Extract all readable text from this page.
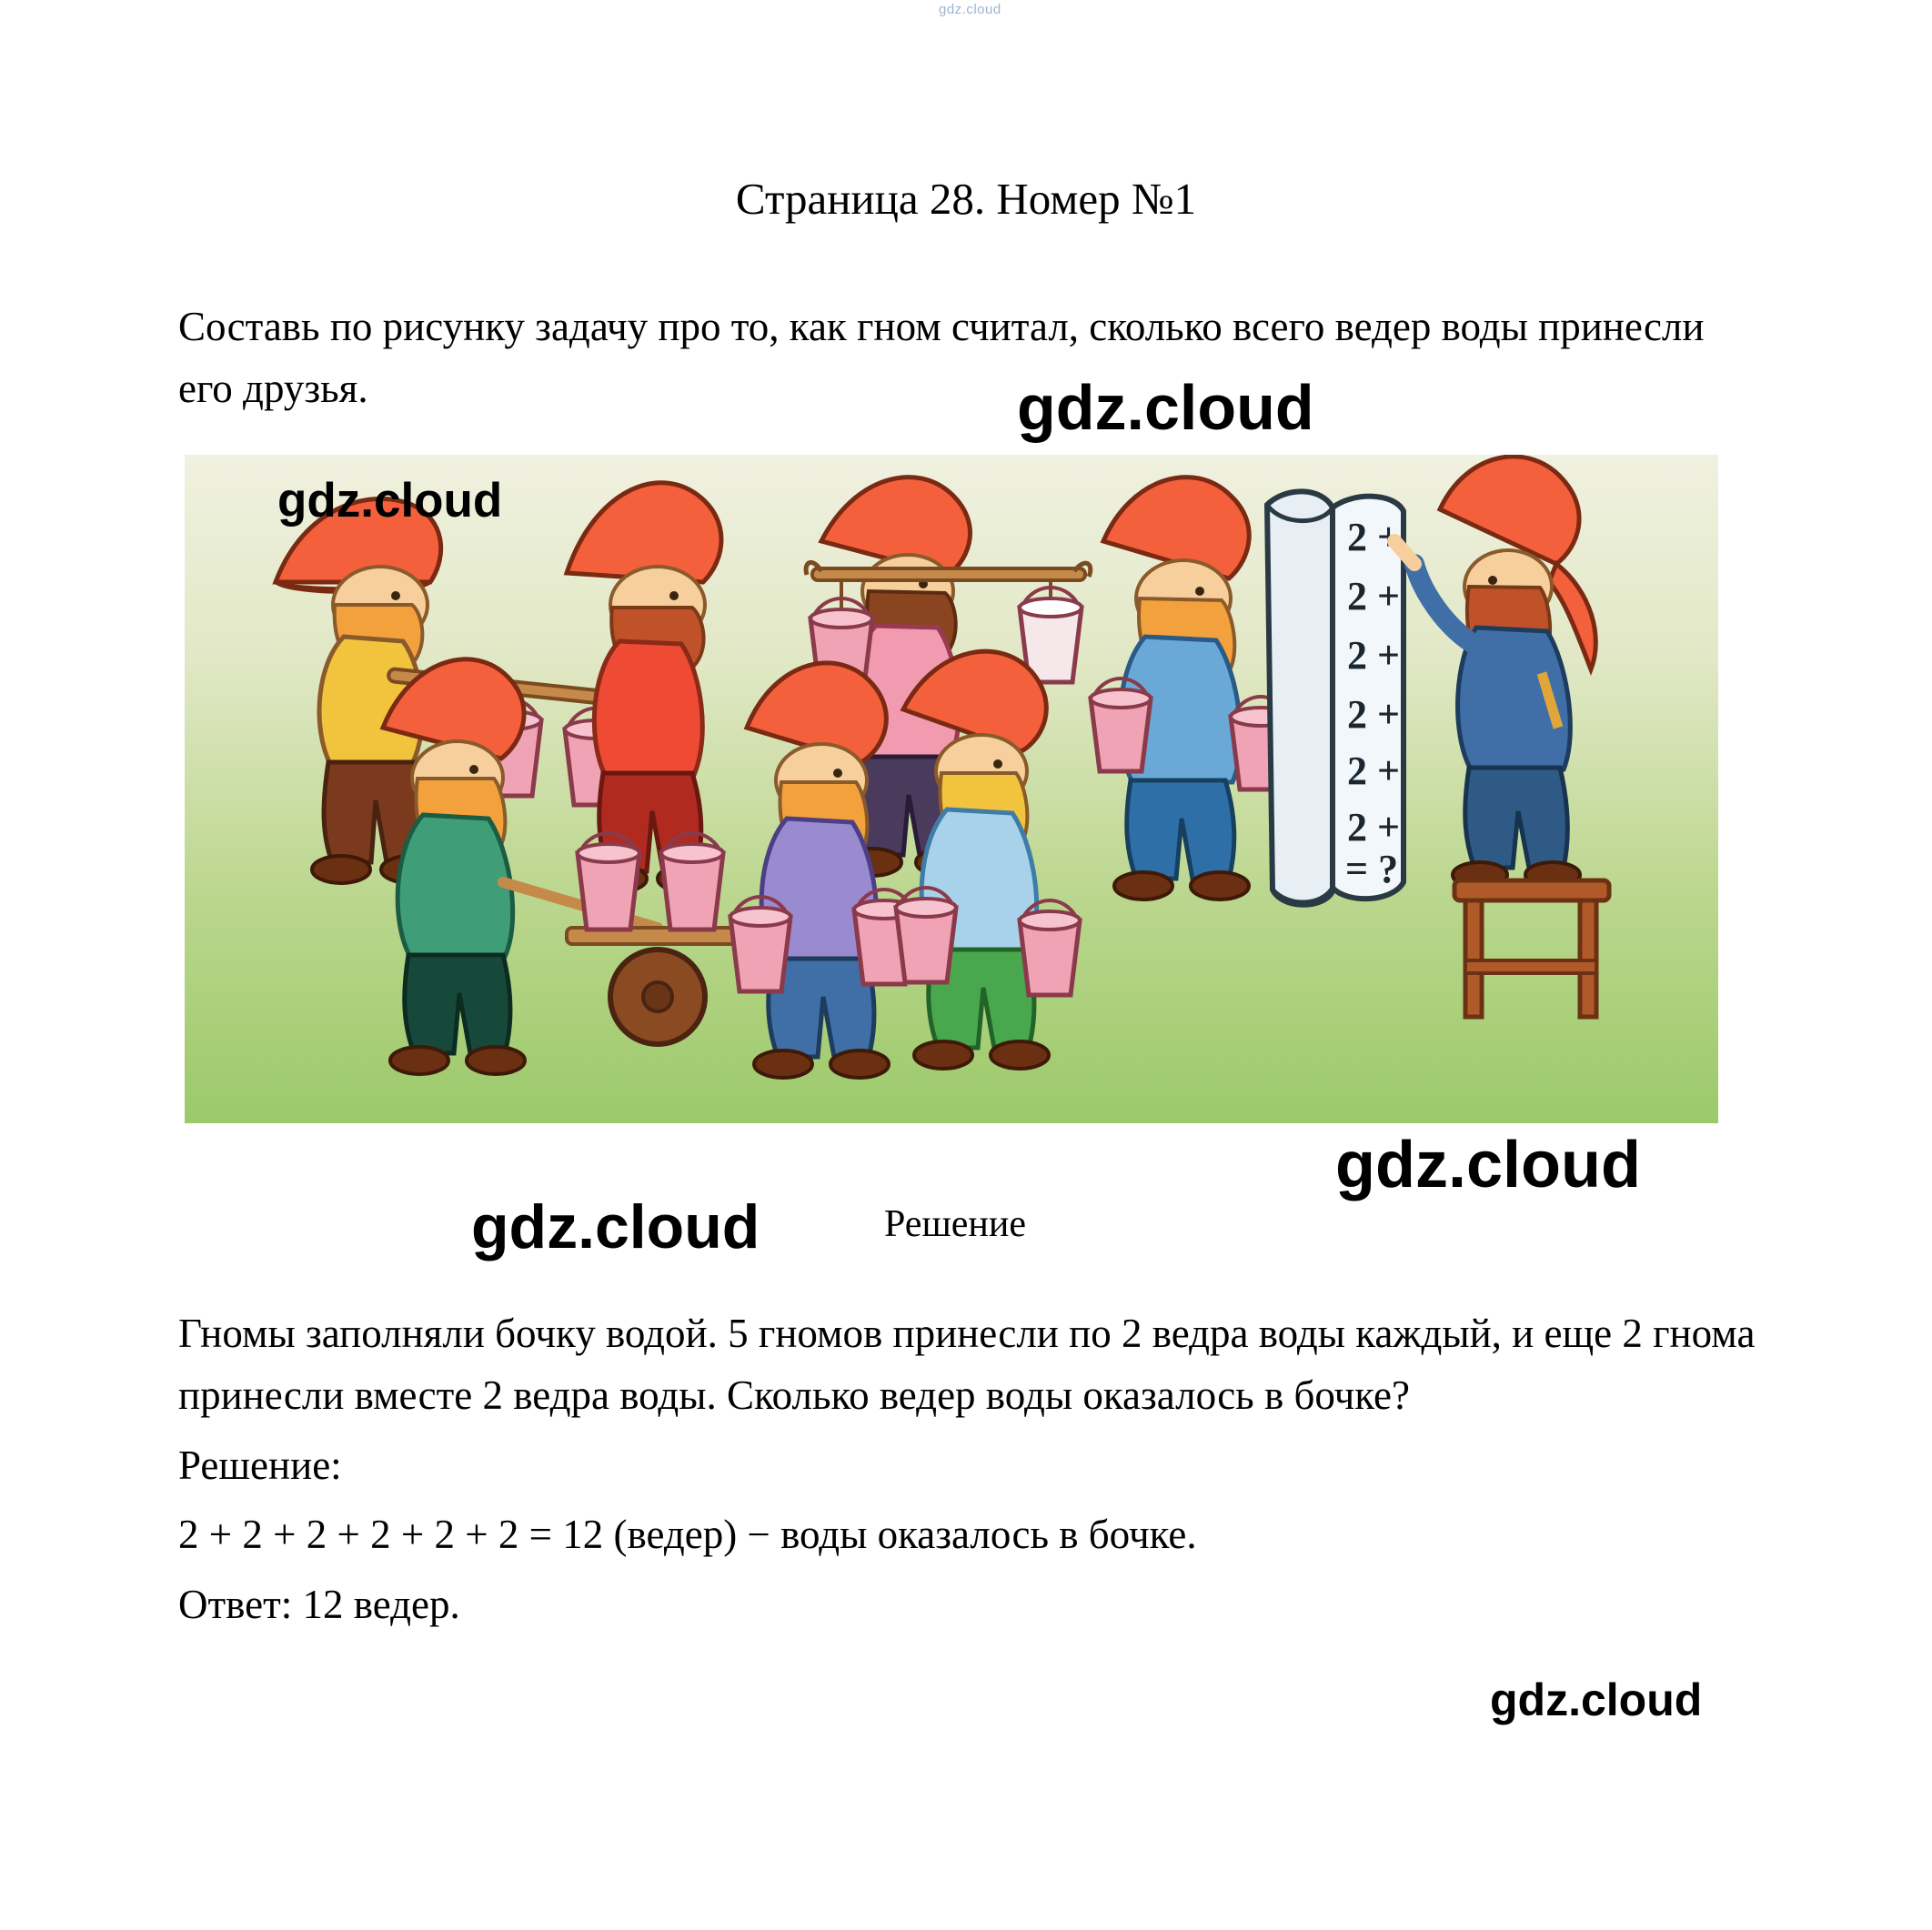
gdz.cloud
Страница 28. Номер №1
Составь по рисунку задачу про то, как гном считал, сколько всего ведер воды принесли его друзья.
2 +
2 +
2 +
2 +
2 +
2 +
= ?
Решение

Гномы заполняли бочку водой. 5 гномов принесли по 2 ведра воды каждый, и еще 2 гнома принесли вместе 2 ведра воды. Сколько ведер воды оказалось в бочке?

Решение:

2 + 2 + 2 + 2 + 2 + 2 = 12 (ведер) − воды оказалось в бочке.

Ответ: 12 ведер.

gdz.cloud
gdz.cloud
gdz.cloud
gdz.cloud
gdz.cloud
